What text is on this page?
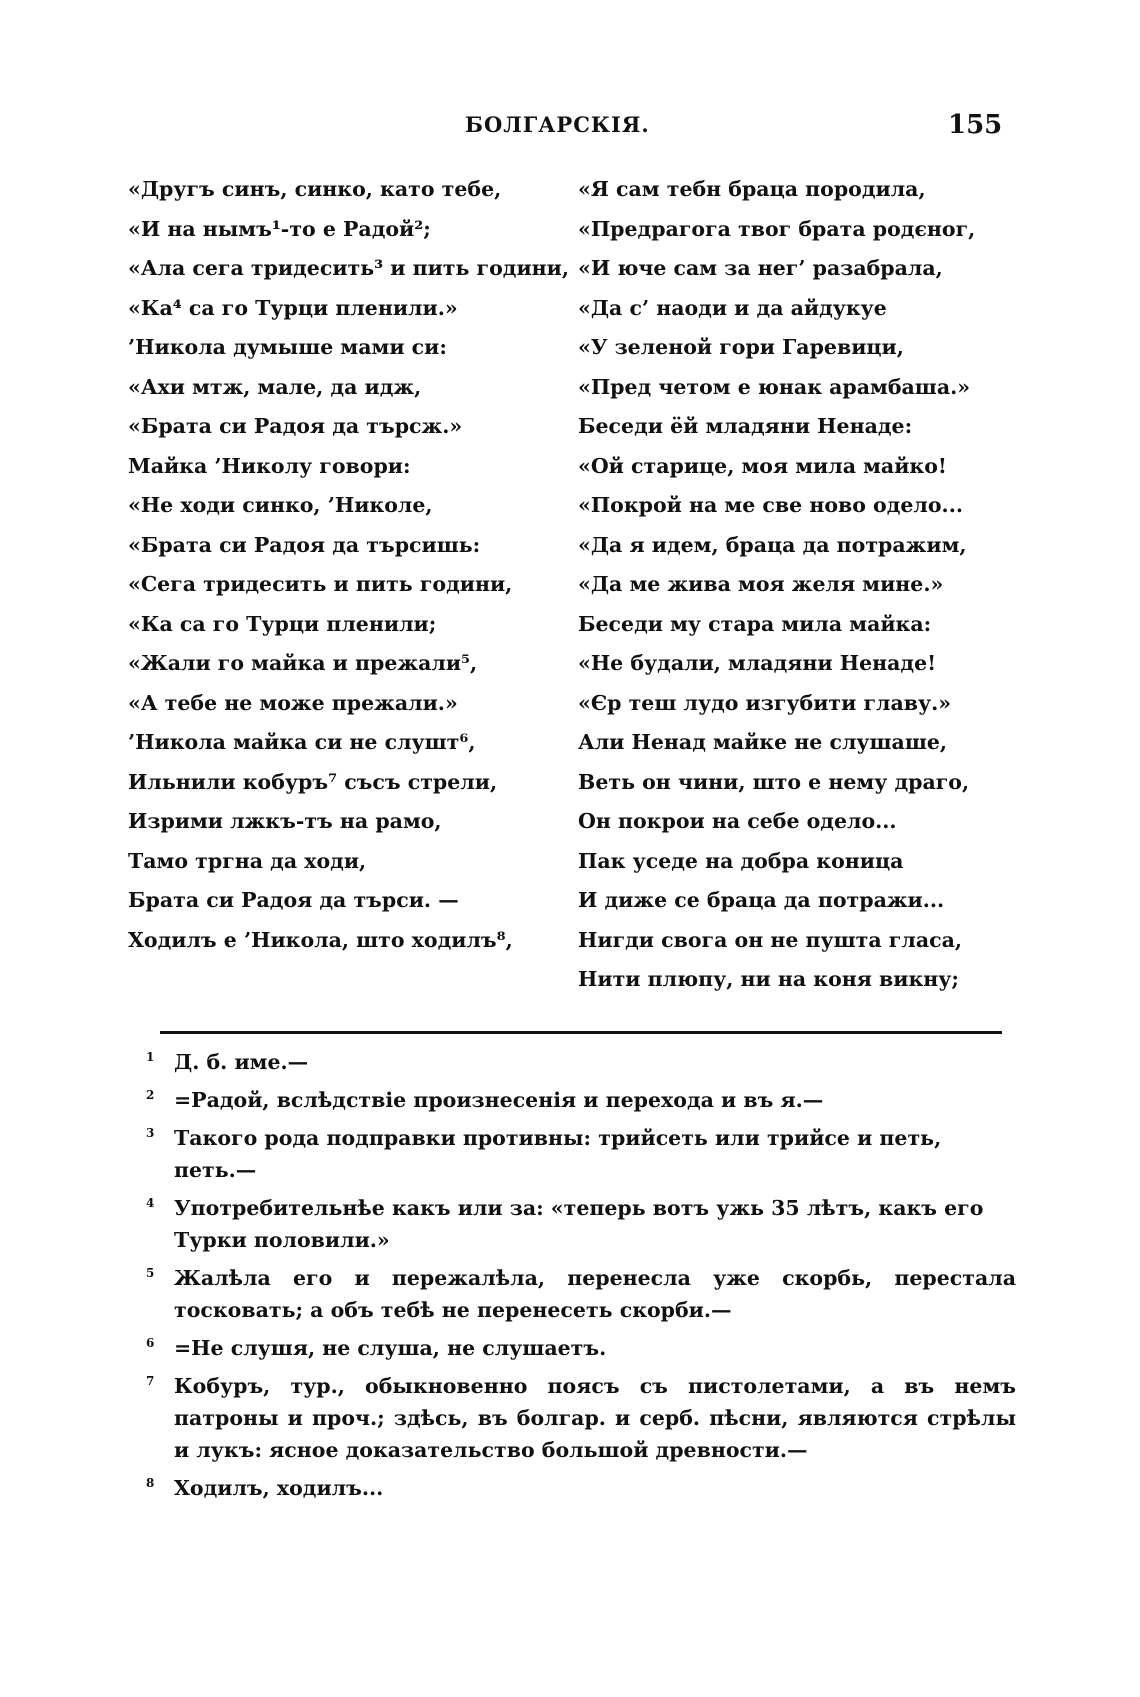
БОЛГАРСКІЯ.	155
«Другъ синъ, синко, като тебе,
«И на нымъ¹-то е Радой²;
«Ала сега тридесить³ и пить години,
«Ка⁴ са го Турци пленили.»
’Никола думыше мами си:
«Ахи мтж, мале, да идж,
«Брата си Радоя да търсж.»
Майка ’Николу говори:
«Не ходи синко, ’Николе,
«Брата си Радоя да търсишь:
«Сега тридесить и пить години,
«Ка са го Турци пленили;
«Жали го майка и прежали⁵,
«А тебе не може прежали.»
’Никола майка си не слушт⁶,
Ильнили кобуръ⁷ съсъ стрели,
Изрими лжкъ-тъ на рамо,
Тамо тргна да ходи,
Брата си Радоя да търси. —
Ходилъ е ’Никола, што ходилъ⁸,
«Я сам тебн браца породила,
«Предрагога твог брата родєног,
«И юче сам за нег’ разабрала,
«Да с’ наоди и да айдукуе
«У зеленой гори Гаревици,
«Пред четом е юнак арамбаша.»
Беседи ёй младяни Ненаде:
«Ой старице, моя мила майко!
«Покрой на ме све ново одело...
«Да я идем, браца да потражим,
«Да ме жива моя желя мине.»
Беседи му стара мила майка:
«Не будали, младяни Ненаде!
«Єр теш лудо изгубити главу.»
Али Ненад майке не слушаше,
Веть он чини, што е нему драго,
Он покрои на себе одело...
Пак уседе на добра коница
И диже се браца да потражи...
Нигди свога он не пушта гласа,
Нити плюпу, ни на коня викну;
1 Д. б. име.—
2 =Радой, вслѣдствіе произнесенія и перехода и въ я.—
3 Такого рода подправки противны: трийсеть или трийсе и петь,
петь.—
4 Употребительнѣе какъ или за: «теперь вотъ ужь 35 лѣтъ, какъ его
Турки половили.»
5 Жалѣла его и пережалѣла, перенесла уже скорбь, перестала тосковать; а объ тебѣ не перенесеть скорби.—
6 =Не слушя, не слуша, не слушаетъ.
7 Кобуръ, тур., обыкновенно поясъ съ пистолетами, а въ немъ патроны и проч.; здѣсь, въ болгар. и серб. пѣсни, являются стрѣлы и лукъ: ясное доказательство большой древности.—
8 Ходилъ, ходилъ...
